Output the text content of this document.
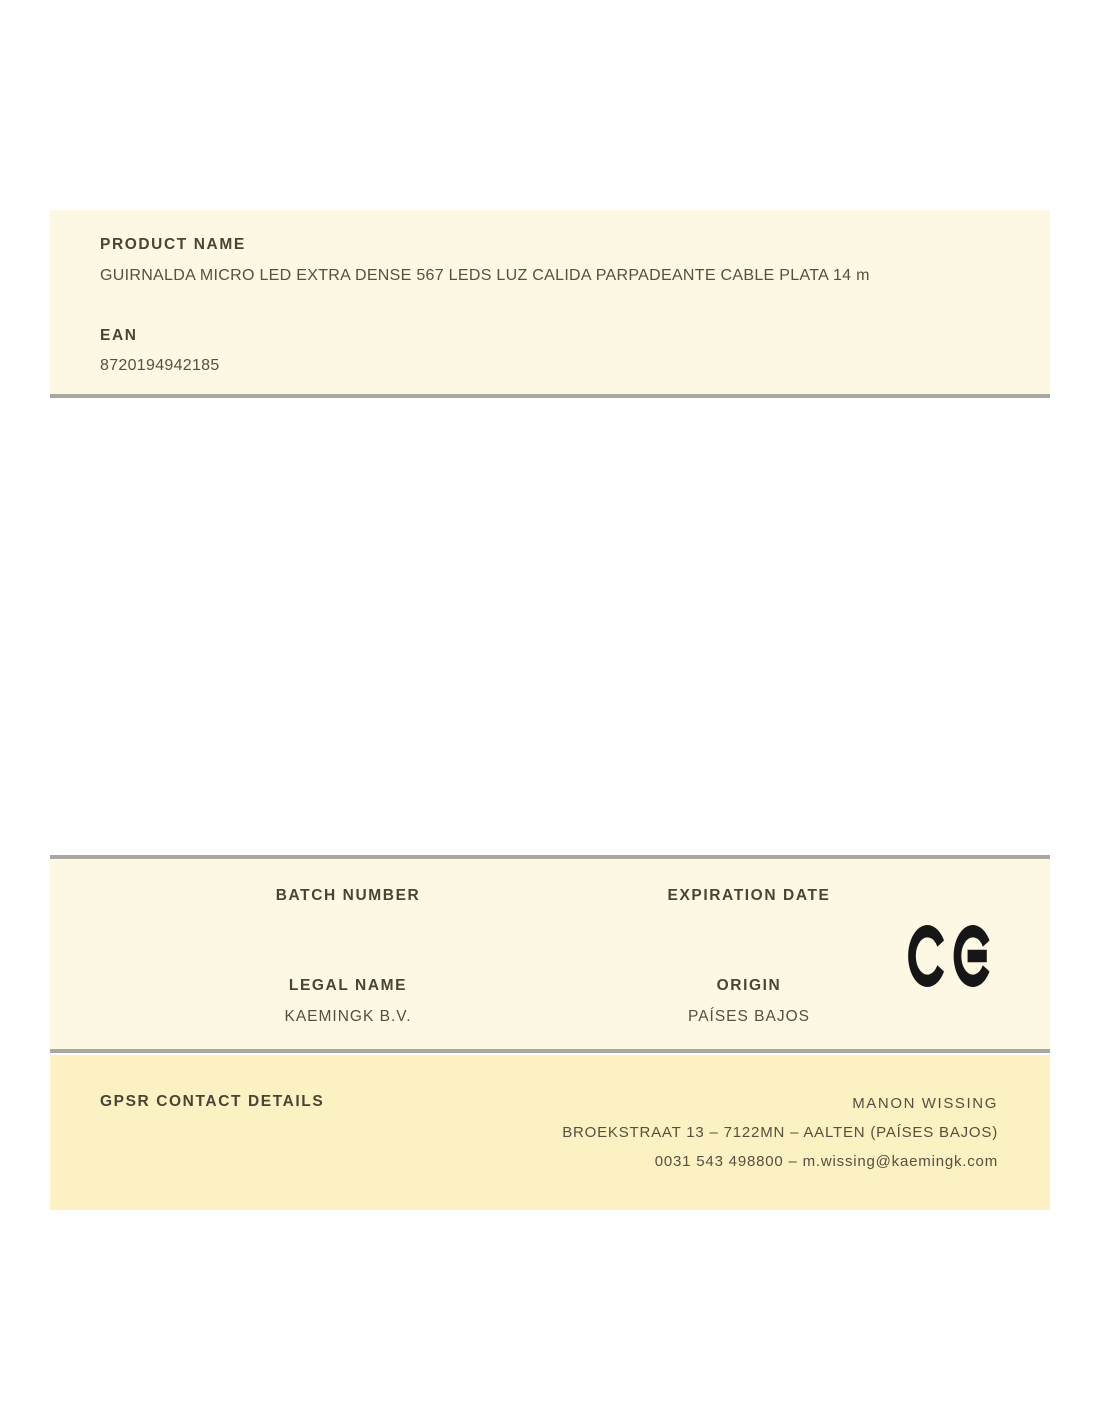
PRODUCT NAME
GUIRNALDA MICRO LED EXTRA DENSE 567 LEDS LUZ CALIDA PARPADEANTE CABLE PLATA 14 m
EAN
8720194942185
BATCH NUMBER	EXPIRATION DATE
LEGAL NAME
KAEMINGK B.V.
ORIGIN
PAÍSES BAJOS
GPSR CONTACT DETAILS	MANON WISSING
BROEKSTRAAT 13 – 7122MN – AALTEN (PAÍSES BAJOS)
0031 543 498800 – m.wissing@kaemingk.com
